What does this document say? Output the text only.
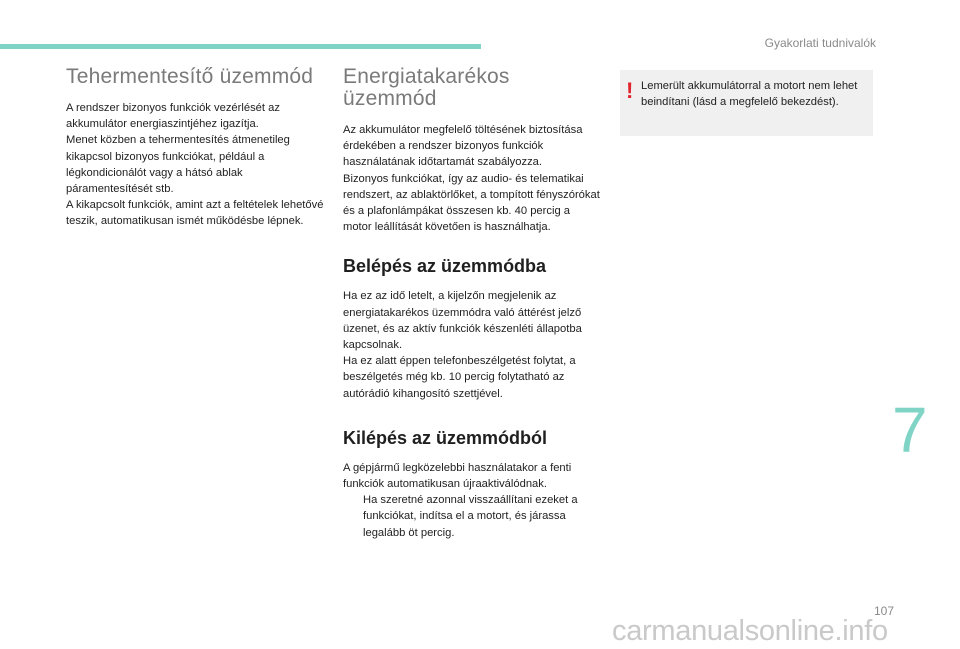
Gyakorlati tudnivalók
Tehermentesítő üzemmód

A rendszer bizonyos funkciók vezérlését az akkumulátor energiaszintjéhez igazítja.

Menet közben a tehermentesítés átmenetileg kikapcsol bizonyos funkciókat, például a légkondicionálót vagy a hátsó ablak páramentesítését stb.

A kikapcsolt funkciók, amint azt a feltételek lehetővé teszik, automatikusan ismét működésbe lépnek.

Energiatakarékos üzemmód

Az akkumulátor megfelelő töltésének biztosítása érdekében a rendszer bizonyos funkciók használatának időtartamát szabályozza.

Bizonyos funkciókat, így az audio- és telematikai rendszert, az ablaktörlőket, a tompított fényszórókat és a plafonlámpákat összesen kb. 40 percig a motor leállítását követően is használhatja.

Belépés az üzemmódba

Ha ez az idő letelt, a kijelzőn megjelenik az energiatakarékos üzemmódra való áttérést jelző üzenet, és az aktív funkciók készenléti állapotba kapcsolnak.

Ha ez alatt éppen telefonbeszélgetést folytat, a beszélgetés még kb. 10 percig folytatható az autórádió kihangosító szettjével.

Kilépés az üzemmódból

A gépjármű legközelebbi használatakor a fenti funkciók automatikusan újraaktiválódnak.

Ha szeretné azonnal visszaállítani ezeket a funkciókat, indítsa el a motort, és járassa legalább öt percig.

! Lemerült akkumulátorral a motort nem lehet beindítani (lásd a megfelelő bekezdést).
7
107
carmanualsonline.info
